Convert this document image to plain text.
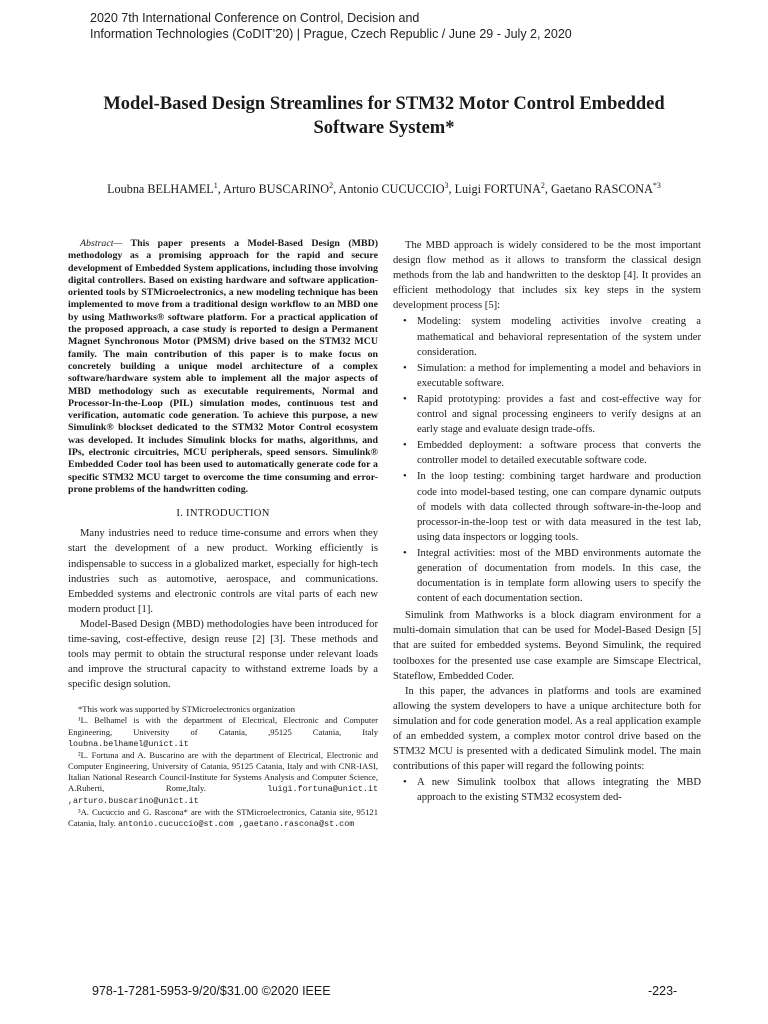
2020 7th International Conference on Control, Decision and
Information Technologies (CoDIT’20) | Prague, Czech Republic / June 29 - July 2, 2020
Model-Based Design Streamlines for STM32 Motor Control Embedded
Software System*
Loubna BELHAMEL$^1$, Arturo BUSCARINO$^2$, Antonio CUCUCCIO$^3$, Luigi FORTUNA$^2$, Gaetano RASCONA$^{*3}$

Abstract— This paper presents a Model-Based Design (MBD) methodology as a promising approach for the rapid and secure development of Embedded System applications, including those involving digital controllers. Based on existing hardware and software application-oriented tools by STMicroelectronics, a new modeling technique has been implemented to move from a traditional design workflow to an MBD one by using Mathworks® software platform. For a practical application of the proposed approach, a case study is reported to design a Permanent Magnet Synchronous Motor (PMSM) drive based on the STM32 MCU family. The main contribution of this paper is to make focus on concretely building a unique model architecture of a complex software/hardware system able to implement all the major aspects of MBD methodology such as executable requirements, Normal and Processor-In-the-Loop (PIL) simulation modes, continuous test and verification, automatic code generation. To achieve this purpose, a new Simulink® blockset dedicated to the STM32 Motor Control ecosystem was developed. It includes Simulink blocks for maths, algorithms, and IPs, electronic circuitries, MCU peripherals, speed sensors. Simulink® Embedded Coder tool has been used to automatically generate code for a specific STM32 MCU target to overcome the time consuming and error-prone problems of the handwritten coding.

I. INTRODUCTION

Many industries need to reduce time-consume and errors when they start the development of a new product. Working efficiently is indispensable to success in a globalized market, especially for high-tech industries such as automotive, aerospace, and communications. Embedded systems and electronic controls are vital parts of each new modern product [1].

Model-Based Design (MBD) methodologies have been introduced for time-saving, cost-effective, design reuse [2] [3]. These methods and tools may permit to obtain the structural response under relevant loads and improve the structural capacity to withstand extreme loads by a specific design solution.

*This work was supported by STMicroelectronics organization

¹L. Belhamel is with the department of Electrical, Electronic and Computer Engineering, University of Catania, ,95125 Catania, Italy loubna.belhamel@unict.it

²L. Fortuna and A. Buscarino are with the department of Electrical, Electronic and Computer Engineering, University of Catania, 95125 Catania, Italy and with CNR-IASI, Italian National Research Council-Institute for Systems Analysis and Computer Science, A.Ruberti, Rome,Italy. luigi.fortuna@unict.it ,arturo.buscarino@unict.it

³A. Cucuccio and G. Rascona* are with the STMicroelectronics, Catania site, 95121 Catania, Italy. antonio.cucuccio@st.com ,gaetano.rascona@st.com

The MBD approach is widely considered to be the most important design flow method as it allows to transform the classical design methods from the lab and handwritten to the desktop [4]. It provides an efficient methodology that includes six key steps in the system development process [5]:

• Modeling: system modeling activities involve creating a mathematical and behavioral representation of the system under consideration.
• Simulation: a method for implementing a model and behaviors in executable software.
• Rapid prototyping: provides a fast and cost-effective way for control and signal processing engineers to verify designs at an early stage and evaluate design trade-offs.
• Embedded deployment: a software process that converts the controller model to detailed executable software code.
• In the loop testing: combining target hardware and production code into model-based testing, one can compare dynamic outputs of models with data collected through software-in-the-loop and processor-in-the-loop test or with data measured in the test lab, using data inspectors or logging tools.
• Integral activities: most of the MBD environments automate the generation of documentation from models. In this case, the documentation is in template form allowing users to specify the content of each documentation section.

Simulink from Mathworks is a block diagram environment for a multi-domain simulation that can be used for Model-Based Design [5] that are suited for embedded systems. Beyond Simulink, the required toolboxes for the presented use case example are Simscape Electrical, Stateflow, Embedded Coder.

In this paper, the advances in platforms and tools are examined allowing the system developers to have a unique architecture both for simulation and for code generation model. As a real application example of an embedded system, a complex motor control drive based on the STM32 MCU is presented with a dedicated Simulink model. The main contributions of this paper will regard the following points:

• A new Simulink toolbox that allows integrating the MBD approach to the existing STM32 ecosystem ded-
978-1-7281-5953-9/20/$31.00 ©2020 IEEE	-223-
